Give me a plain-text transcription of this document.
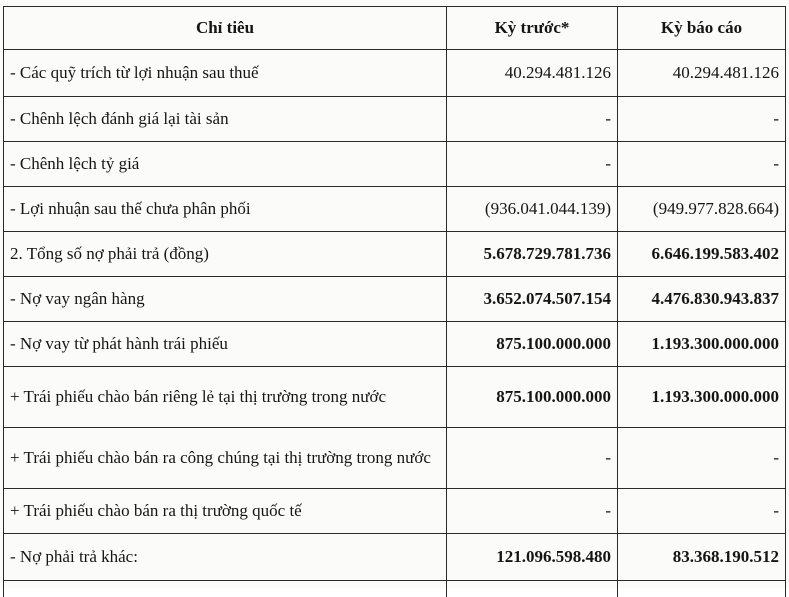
Chỉ tiêu	Kỳ trước*	Kỳ báo cáo
- Các quỹ trích từ lợi nhuận sau thuế	40.294.481.126	40.294.481.126
- Chênh lệch đánh giá lại tài sản	-	-
- Chênh lệch tỷ giá	-	-
- Lợi nhuận sau thế chưa phân phối	(936.041.044.139)	(949.977.828.664)
2. Tổng số nợ phải trả (đồng)	5.678.729.781.736	6.646.199.583.402
- Nợ vay ngân hàng	3.652.074.507.154	4.476.830.943.837
- Nợ vay từ phát hành trái phiếu	875.100.000.000	1.193.300.000.000
+ Trái phiếu chào bán riêng lẻ tại thị trường trong nước	875.100.000.000	1.193.300.000.000
+ Trái phiếu chào bán ra công chúng tại thị trường trong nước	-	-
+ Trái phiếu chào bán ra thị trường quốc tế	-	-
- Nợ phải trả khác:	121.096.598.480	83.368.190.512
